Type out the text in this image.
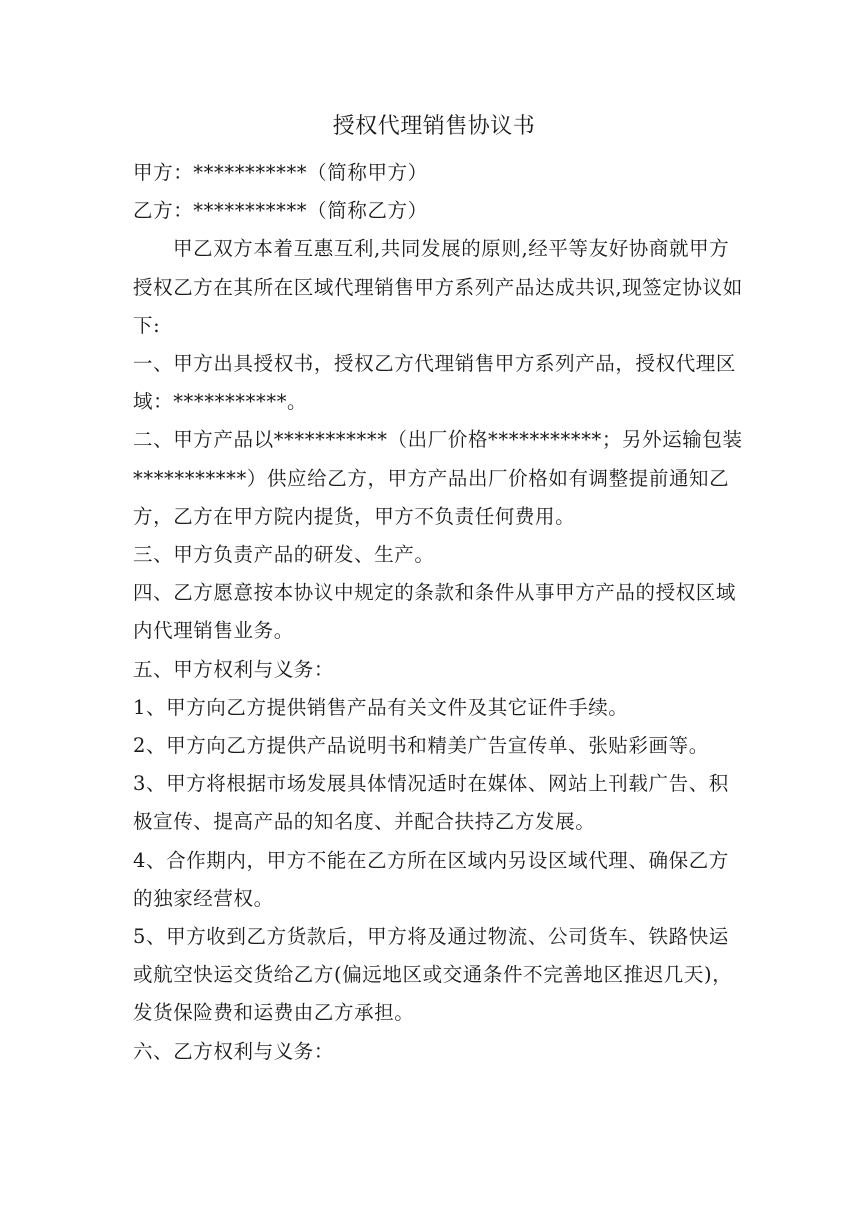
授权代理销售协议书

甲方：***********（简称甲方）

乙方：***********（简称乙方）

甲乙双方本着互惠互利,共同发展的原则,经平等友好协商就甲方授权乙方在其所在区域代理销售甲方系列产品达成共识,现签定协议如下:

一、甲方出具授权书，授权乙方代理销售甲方系列产品，授权代理区域：***********。

二、甲方产品以***********（出厂价格***********；另外运输包装***********）供应给乙方，甲方产品出厂价格如有调整提前通知乙方，乙方在甲方院内提货，甲方不负责任何费用。

三、甲方负责产品的研发、生产。

四、乙方愿意按本协议中规定的条款和条件从事甲方产品的授权区域内代理销售业务。

五、甲方权利与义务：

1、甲方向乙方提供销售产品有关文件及其它证件手续。

2、甲方向乙方提供产品说明书和精美广告宣传单、张贴彩画等。

3、甲方将根据市场发展具体情况适时在媒体、网站上刊载广告、积极宣传、提高产品的知名度、并配合扶持乙方发展。

4、合作期内，甲方不能在乙方所在区域内另设区域代理、确保乙方的独家经营权。

5、甲方收到乙方货款后，甲方将及通过物流、公司货车、铁路快运或航空快运交货给乙方(偏远地区或交通条件不完善地区推迟几天)，发货保险费和运费由乙方承担。

六、乙方权利与义务：
